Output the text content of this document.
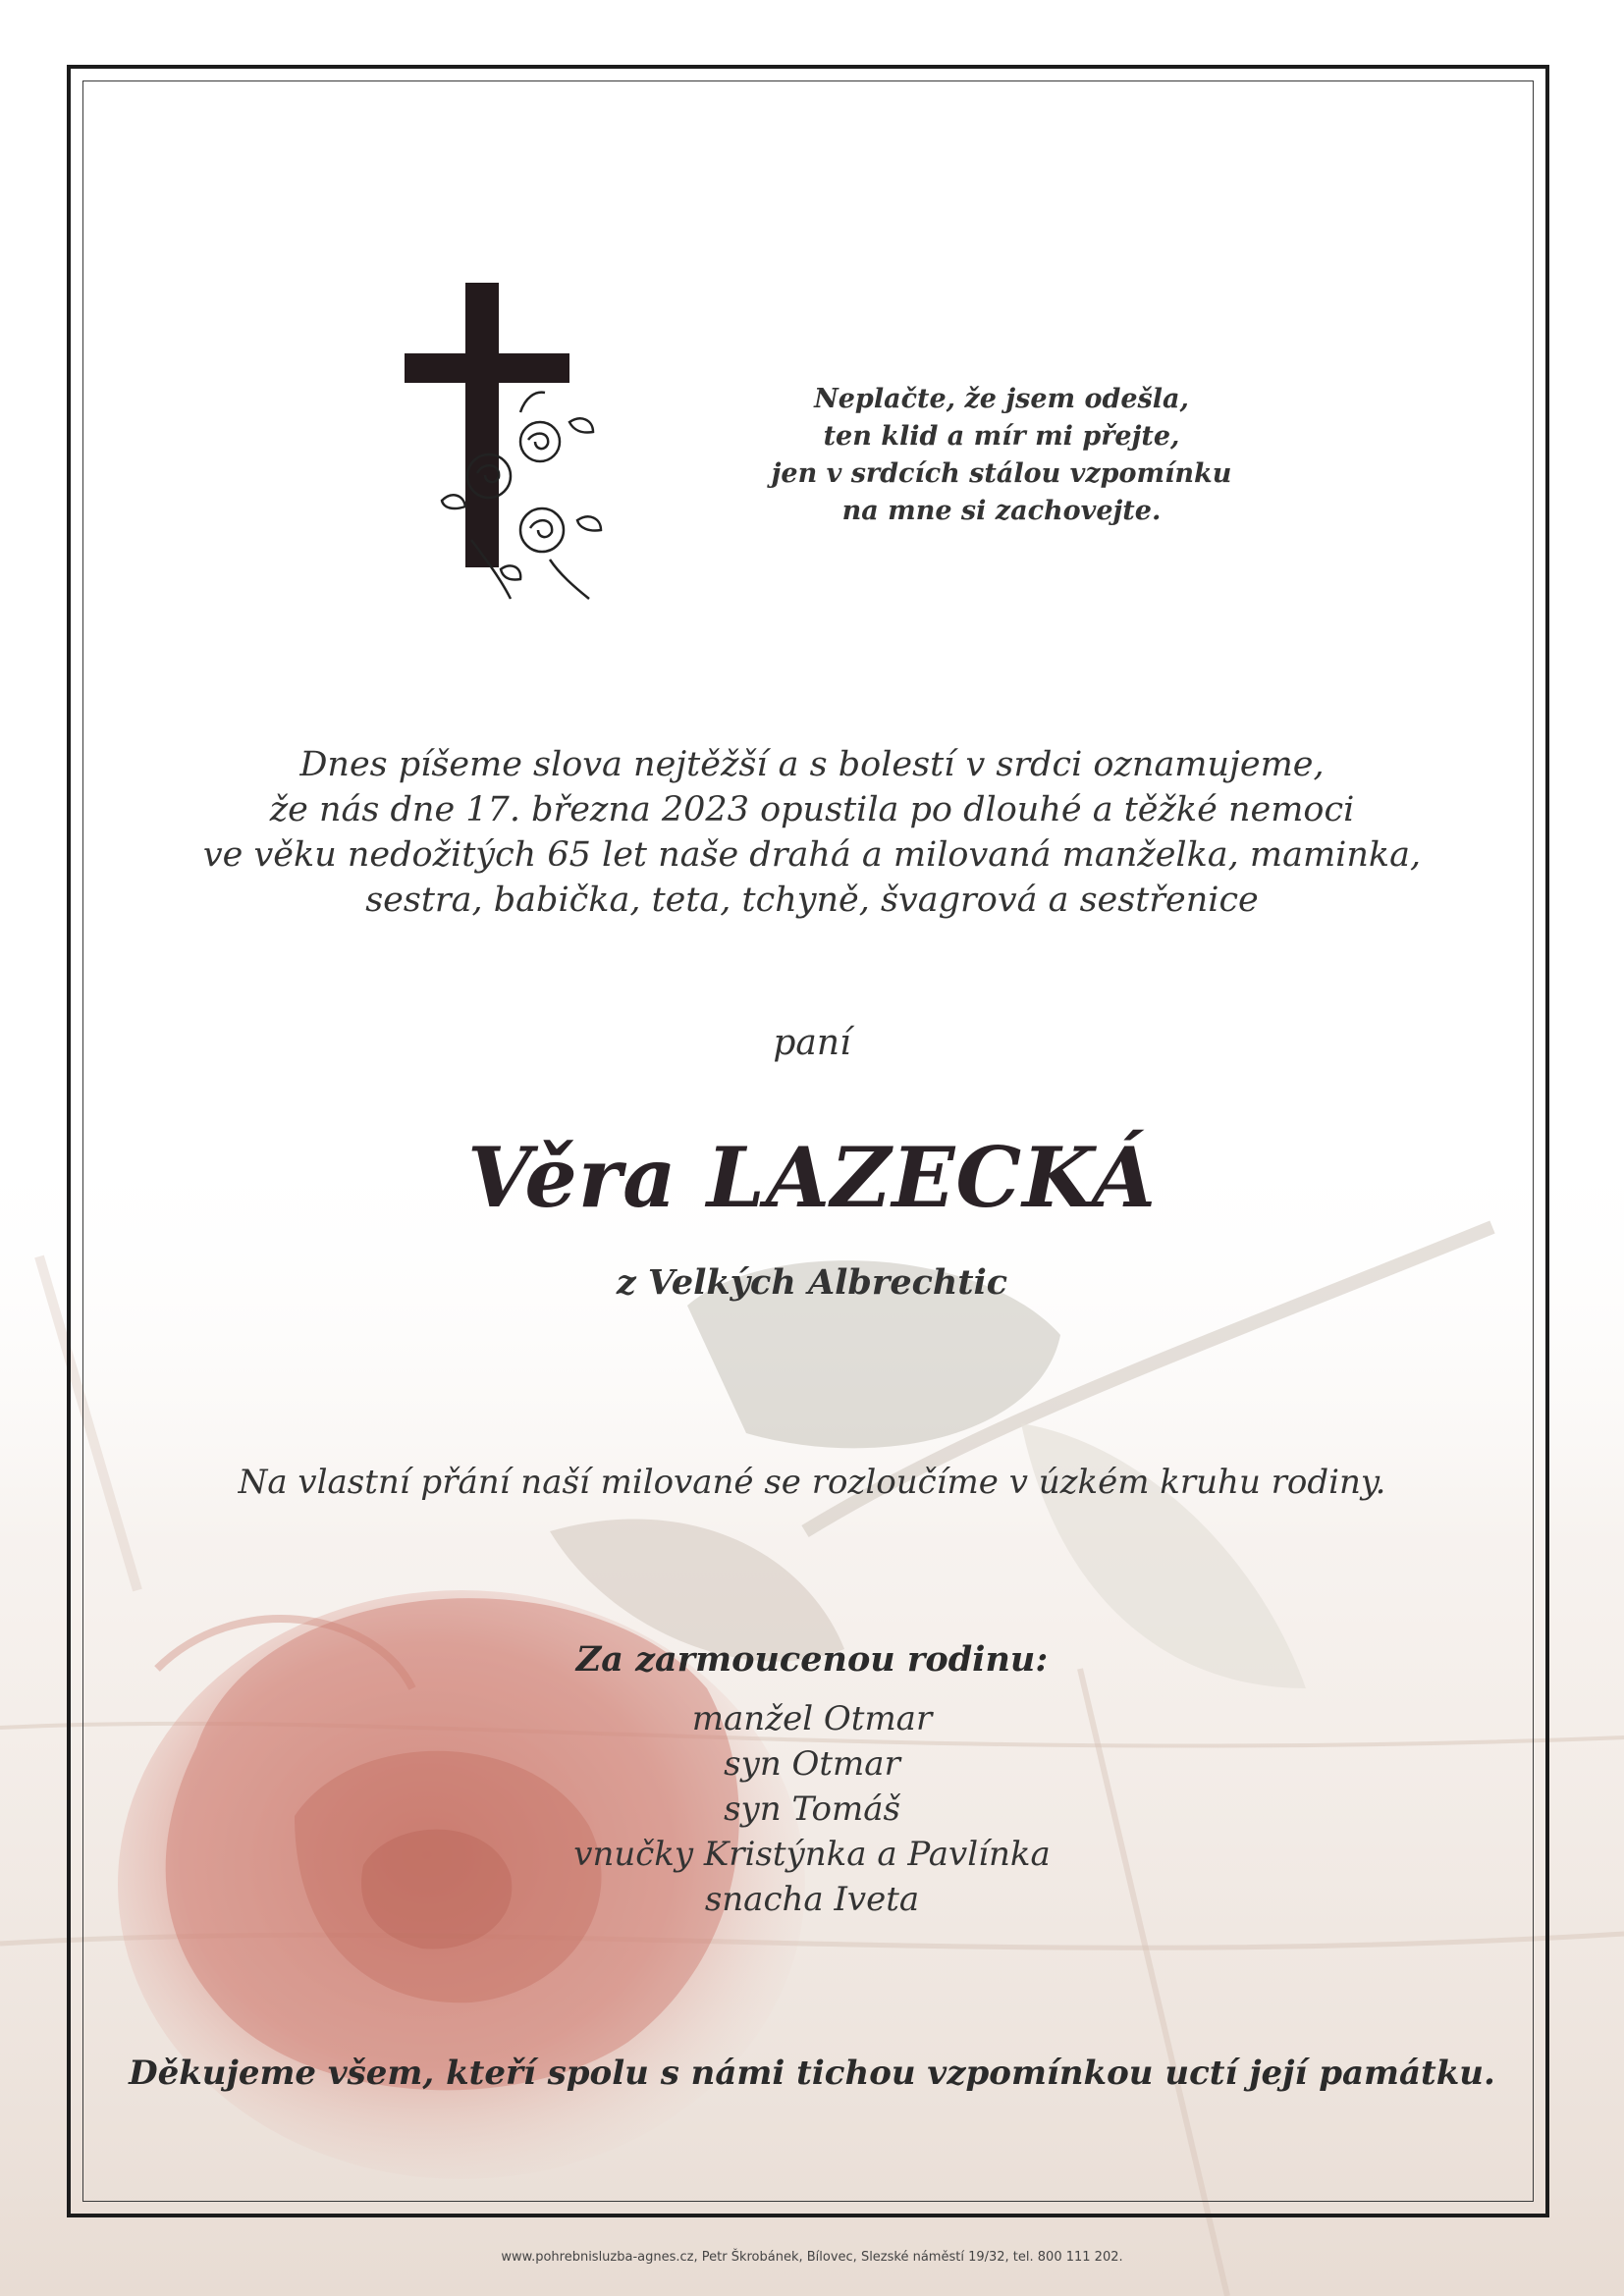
Neplačte, že jsem odešla,
ten klid a mír mi přejte,
jen v srdcích stálou vzpomínku
na mne si zachovejte.
Dnes píšeme slova nejtěžší a s bolestí v srdci oznamujeme,
že nás dne 17. března 2023 opustila po dlouhé a těžké nemoci
ve věku nedožitých 65 let naše drahá a milovaná manželka, maminka,
sestra, babička, teta, tchyně, švagrová a sestřenice
paní
Věra LAZECKÁ
z Velkých Albrechtic
Na vlastní přání naší milované se rozloučíme v úzkém kruhu rodiny.
Za zarmoucenou rodinu:
manžel Otmar
syn Otmar
syn Tomáš
vnučky Kristýnka a Pavlínka
snacha Iveta
Děkujeme všem, kteří spolu s námi tichou vzpomínkou uctí její památku.
www.pohrebnisluzba-agnes.cz, Petr Škrobánek, Bílovec, Slezské náměstí 19/32, tel. 800 111 202.
